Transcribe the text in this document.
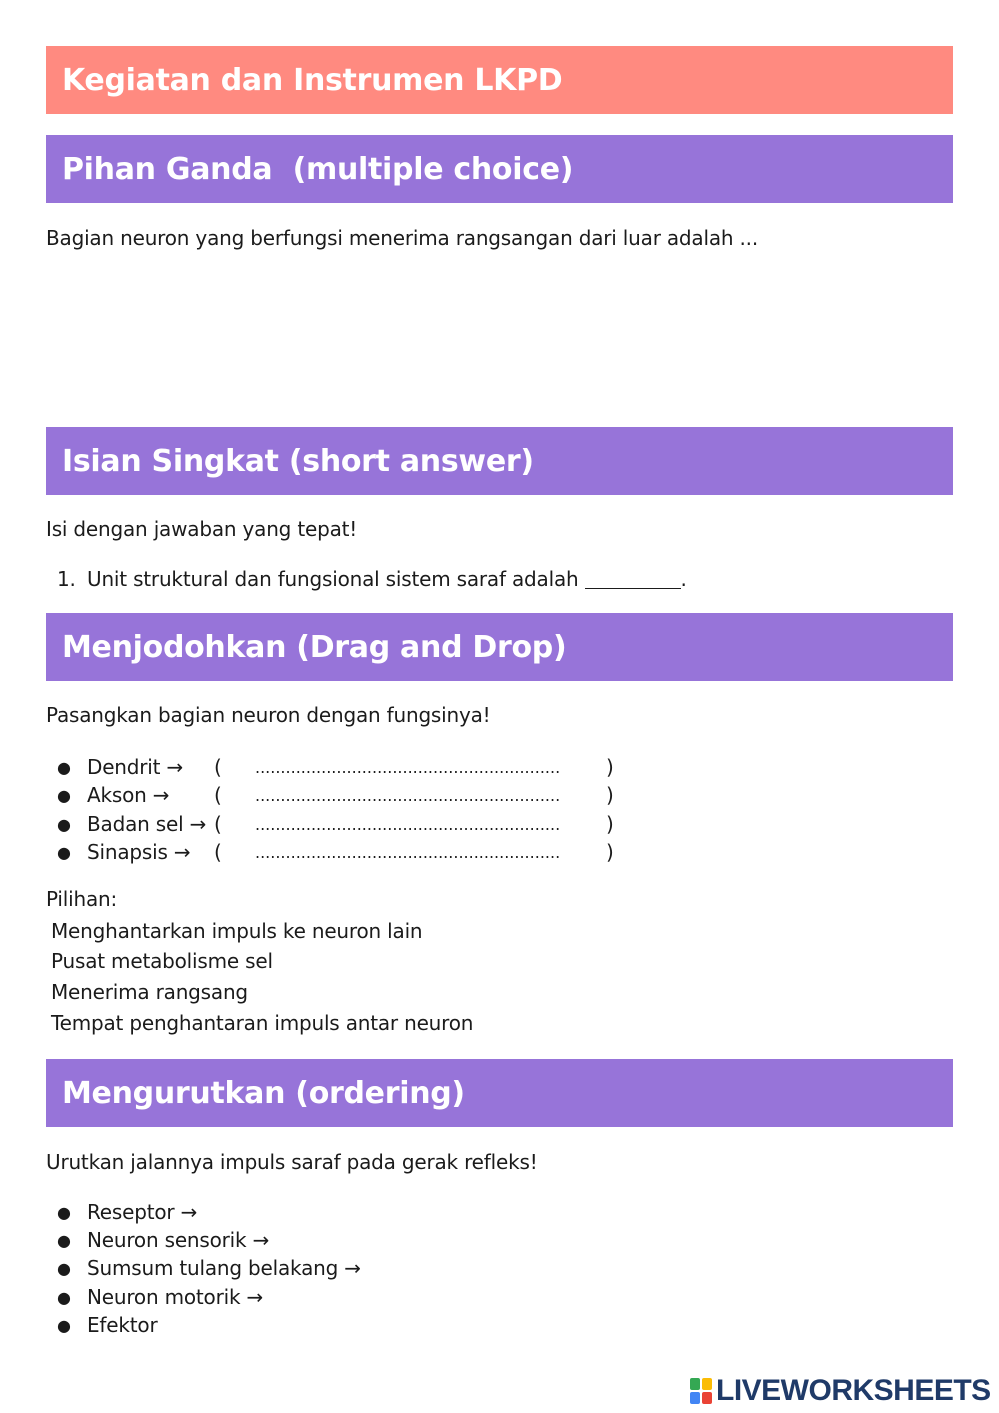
Kegiatan dan Instrumen LKPD
Pihan Ganda  (multiple choice)
Bagian neuron yang berfungsi menerima rangsangan dari luar adalah ...
Isian Singkat (short answer)
Isi dengan jawaban yang tepat!
1. Unit struktural dan fungsional sistem saraf adalah	.
Menjodohkan (Drag and Drop)
Pasangkan bagian neuron dengan fungsinya!
● Dendrit → ( ............................................................ )
● Akson → ( ............................................................ )
● Badan sel → ( ............................................................ )
● Sinapsis → ( ............................................................ )
Pilihan:
Menghantarkan impuls ke neuron lain
Pusat metabolisme sel
Menerima rangsang
Tempat penghantaran impuls antar neuron
Mengurutkan (ordering)
Urutkan jalannya impuls saraf pada gerak refleks!
● Reseptor →
● Neuron sensorik →
● Sumsum tulang belakang →
● Neuron motorik →
● Efektor
LIVEWORKSHEETS
